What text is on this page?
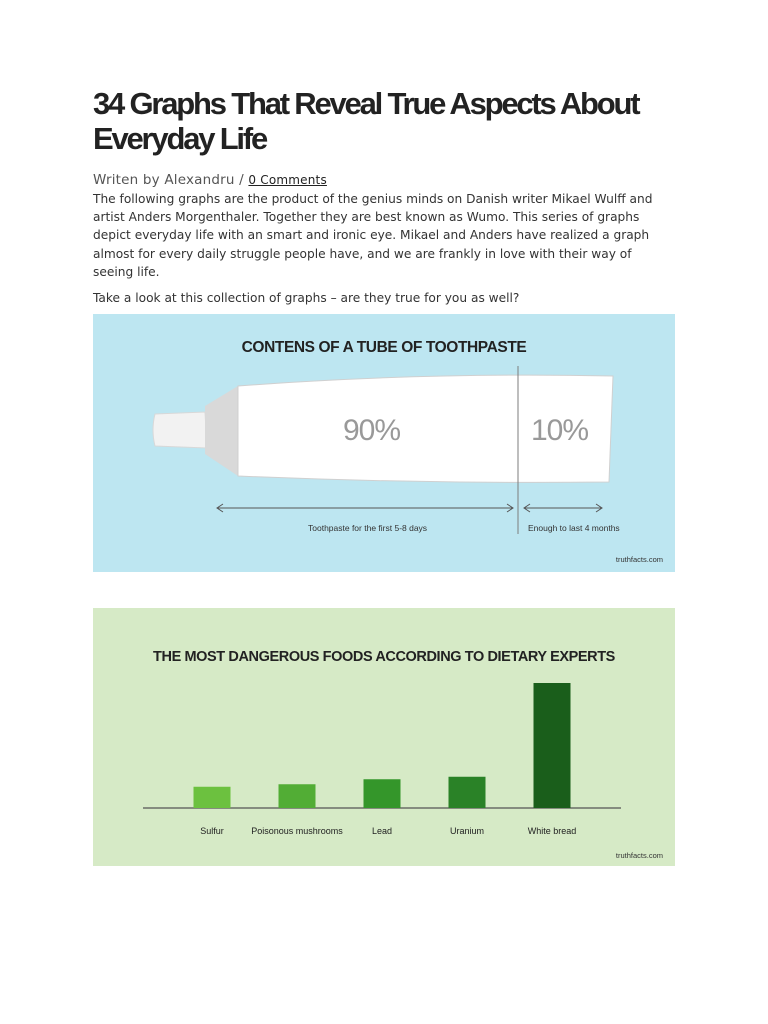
34 Graphs That Reveal True Aspects About Everyday Life
Writen by Alexandru / 0 Comments
The following graphs are the product of the genius minds on Danish writer Mikael Wulff and artist Anders Morgenthaler. Together they are best known as Wumo. This series of graphs depict everyday life with an smart and ironic eye. Mikael and Anders have realized a graph almost for every daily struggle people have, and we are frankly in love with their way of seeing life.
Take a look at this collection of graphs – are they true for you as well?
CONTENS OF A TUBE OF TOOTHPASTE
90%	10%
Toothpaste for the first 5-8 days	Enough to last 4 months
truthfacts.com
THE MOST DANGEROUS FOODS ACCORDING TO DIETARY EXPERTS
Sulfur	Poisonous mushrooms	Lead	Uranium	White bread
truthfacts.com
